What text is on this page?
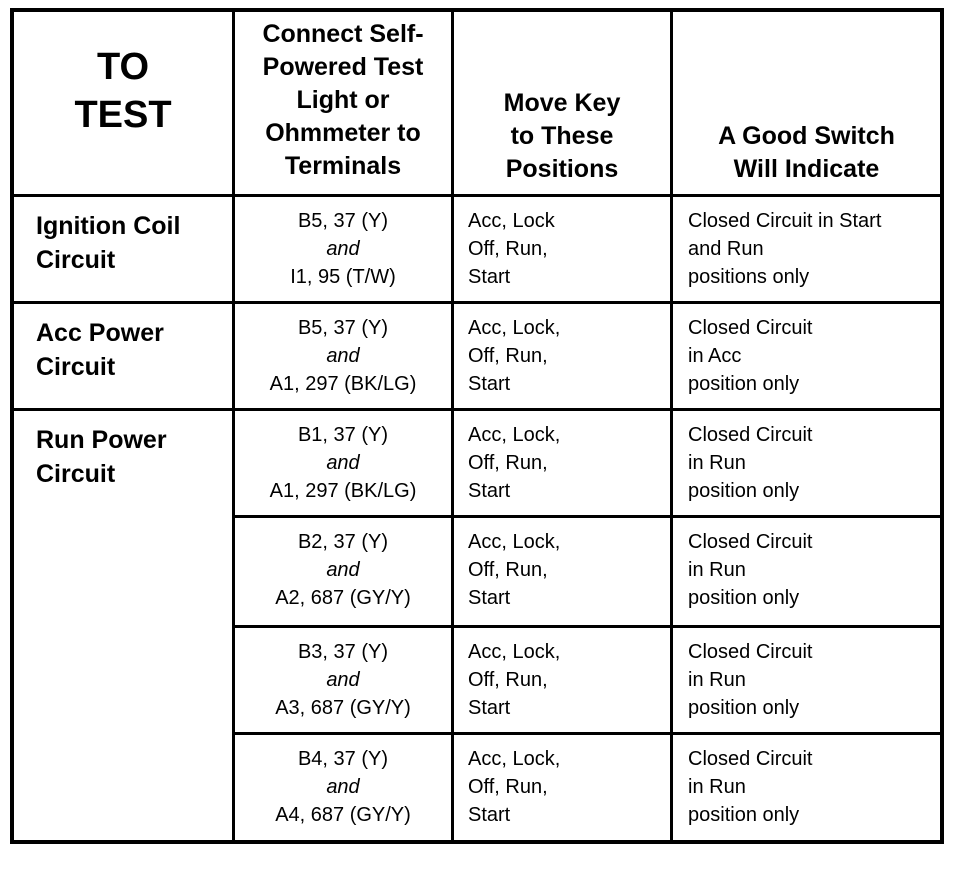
TO
TEST
Connect Self-
Powered Test
Light or
Ohmmeter to
Terminals
Move Key
to These
Positions
A Good Switch
Will Indicate
Ignition Coil
Circuit
B5, 37 (Y)
and
I1, 95 (T/W)
Acc, Lock
Off, Run,
Start
Closed Circuit in Start
and Run
positions only
Acc Power
Circuit
B5, 37 (Y)
and
A1, 297 (BK/LG)
Acc, Lock,
Off, Run,
Start
Closed Circuit
in Acc
position only
Run Power
Circuit
B1, 37 (Y)
and
A1, 297 (BK/LG)
Acc, Lock,
Off, Run,
Start
Closed Circuit
in Run
position only
B2, 37 (Y)
and
A2, 687 (GY/Y)
Acc, Lock,
Off, Run,
Start
Closed Circuit
in Run
position only
B3, 37 (Y)
and
A3, 687 (GY/Y)
Acc, Lock,
Off, Run,
Start
Closed Circuit
in Run
position only
B4, 37 (Y)
and
A4, 687 (GY/Y)
Acc, Lock,
Off, Run,
Start
Closed Circuit
in Run
position only
